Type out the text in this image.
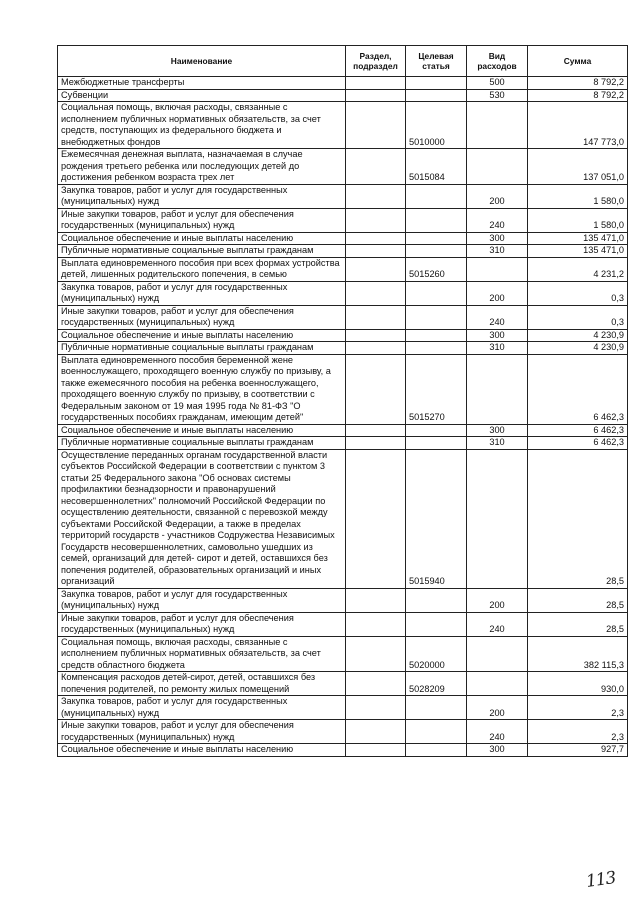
Наименование	Раздел, подраздел	Целевая статья	Вид расходов	Сумма
Межбюджетные трансферты			500	8 792,2
Субвенции			530	8 792,2
Социальная помощь, включая расходы, связанные с исполнением публичных нормативных обязательств, за счет средств, поступающих из федерального бюджета и внебюджетных фондов		5010000		147 773,0
Ежемесячная денежная выплата, назначаемая в случае рождения третьего ребенка или последующих детей до достижения ребенком возраста трех лет		5015084		137 051,0
Закупка товаров, работ и услуг для государственных (муниципальных) нужд			200	1 580,0
Иные закупки товаров, работ и услуг для обеспечения государственных (муниципальных) нужд			240	1 580,0
Социальное обеспечение и иные выплаты населению			300	135 471,0
Публичные нормативные социальные выплаты гражданам			310	135 471,0
Выплата единовременного пособия при всех формах устройства детей, лишенных родительского попечения, в семью		5015260		4 231,2
Закупка товаров, работ и услуг для государственных (муниципальных) нужд			200	0,3
Иные закупки товаров, работ и услуг для обеспечения государственных (муниципальных) нужд			240	0,3
Социальное обеспечение и иные выплаты населению			300	4 230,9
Публичные нормативные социальные выплаты гражданам			310	4 230,9
Выплата единовременного пособия беременной жене военнослужащего, проходящего военную службу по призыву, а также ежемесячного пособия на ребенка военнослужащего, проходящего военную службу по призыву, в соответствии с Федеральным законом от 19 мая 1995 года № 81-ФЗ "О государственных пособиях гражданам, имеющим детей"		5015270		6 462,3
Социальное обеспечение и иные выплаты населению			300	6 462,3
Публичные нормативные социальные выплаты гражданам			310	6 462,3
Осуществление переданных органам государственной власти субъектов Российской Федерации в соответствии с пунктом 3 статьи 25 Федерального закона "Об основах системы профилактики безнадзорности и правонарушений несовершеннолетних" полномочий Российской Федерации по осуществлению деятельности, связанной с перевозкой между субъектами Российской Федерации, а также в пределах территорий государств - участников Содружества Независимых Государств несовершеннолетних, самовольно ушедших из семей, организаций для детей- сирот и детей, оставшихся без попечения родителей, образовательных организаций и иных организаций		5015940		28,5
Закупка товаров, работ и услуг для государственных (муниципальных) нужд			200	28,5
Иные закупки товаров, работ и услуг для обеспечения государственных (муниципальных) нужд			240	28,5
Социальная помощь, включая расходы, связанные с исполнением публичных нормативных обязательств, за счет средств областного бюджета		5020000		382 115,3
Компенсация расходов детей-сирот, детей, оставшихся без попечения родителей, по ремонту жилых помещений		5028209		930,0
Закупка товаров, работ и услуг для государственных (муниципальных) нужд			200	2,3
Иные закупки товаров, работ и услуг для обеспечения государственных (муниципальных) нужд			240	2,3
Социальное обеспечение и иные выплаты населению			300	927,7
113
